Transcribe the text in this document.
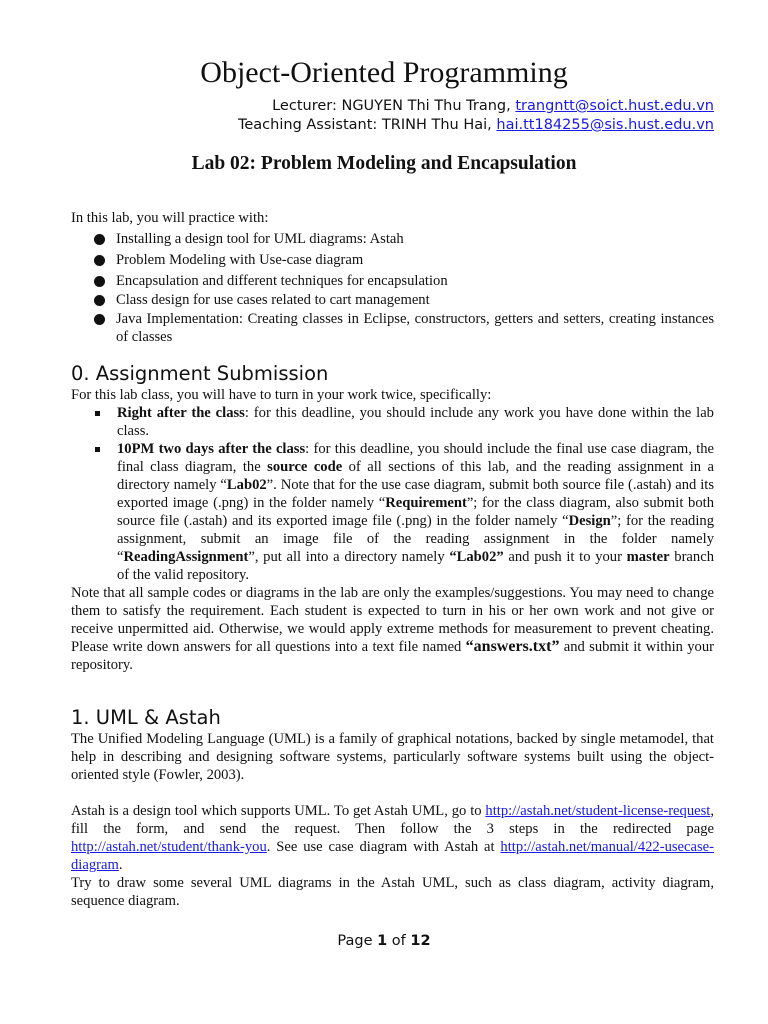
Object-Oriented Programming
Lecturer: NGUYEN Thi Thu Trang, trangntt@soict.hust.edu.vn
Teaching Assistant: TRINH Thu Hai, hai.tt184255@sis.hust.edu.vn
Lab 02: Problem Modeling and Encapsulation
In this lab, you will practice with:
Installing a design tool for UML diagrams: Astah
Problem Modeling with Use-case diagram
Encapsulation and different techniques for encapsulation
Class design for use cases related to cart management
Java Implementation: Creating classes in Eclipse, constructors, getters and setters, creating instances of classes
0. Assignment Submission
For this lab class, you will have to turn in your work twice, specifically:
Right after the class: for this deadline, you should include any work you have done within the lab class.
10PM two days after the class: for this deadline, you should include the final use case diagram, the final class diagram, the source code of all sections of this lab, and the reading assignment in a directory namely “Lab02”. Note that for the use case diagram, submit both source file (.astah) and its exported image (.png) in the folder namely “Requirement”; for the class diagram, also submit both source file (.astah) and its exported image file (.png) in the folder namely “Design”; for the reading assignment, submit an image file of the reading assignment in the folder namely “ReadingAssignment”, put all into a directory namely “Lab02” and push it to your master branch of the valid repository.
Note that all sample codes or diagrams in the lab are only the examples/suggestions. You may need to change them to satisfy the requirement. Each student is expected to turn in his or her own work and not give or receive unpermitted aid. Otherwise, we would apply extreme methods for measurement to prevent cheating. Please write down answers for all questions into a text file named “answers.txt” and submit it within your repository.
1. UML & Astah
The Unified Modeling Language (UML) is a family of graphical notations, backed by single metamodel, that help in describing and designing software systems, particularly software systems built using the object-oriented style (Fowler, 2003).
Astah is a design tool which supports UML. To get Astah UML, go to http://astah.net/student-license-request, fill the form, and send the request. Then follow the 3 steps in the redirected page http://astah.net/student/thank-you. See use case diagram with Astah at http://astah.net/manual/422-usecase-diagram.
Try to draw some several UML diagrams in the Astah UML, such as class diagram, activity diagram, sequence diagram.
Page 1 of 12
